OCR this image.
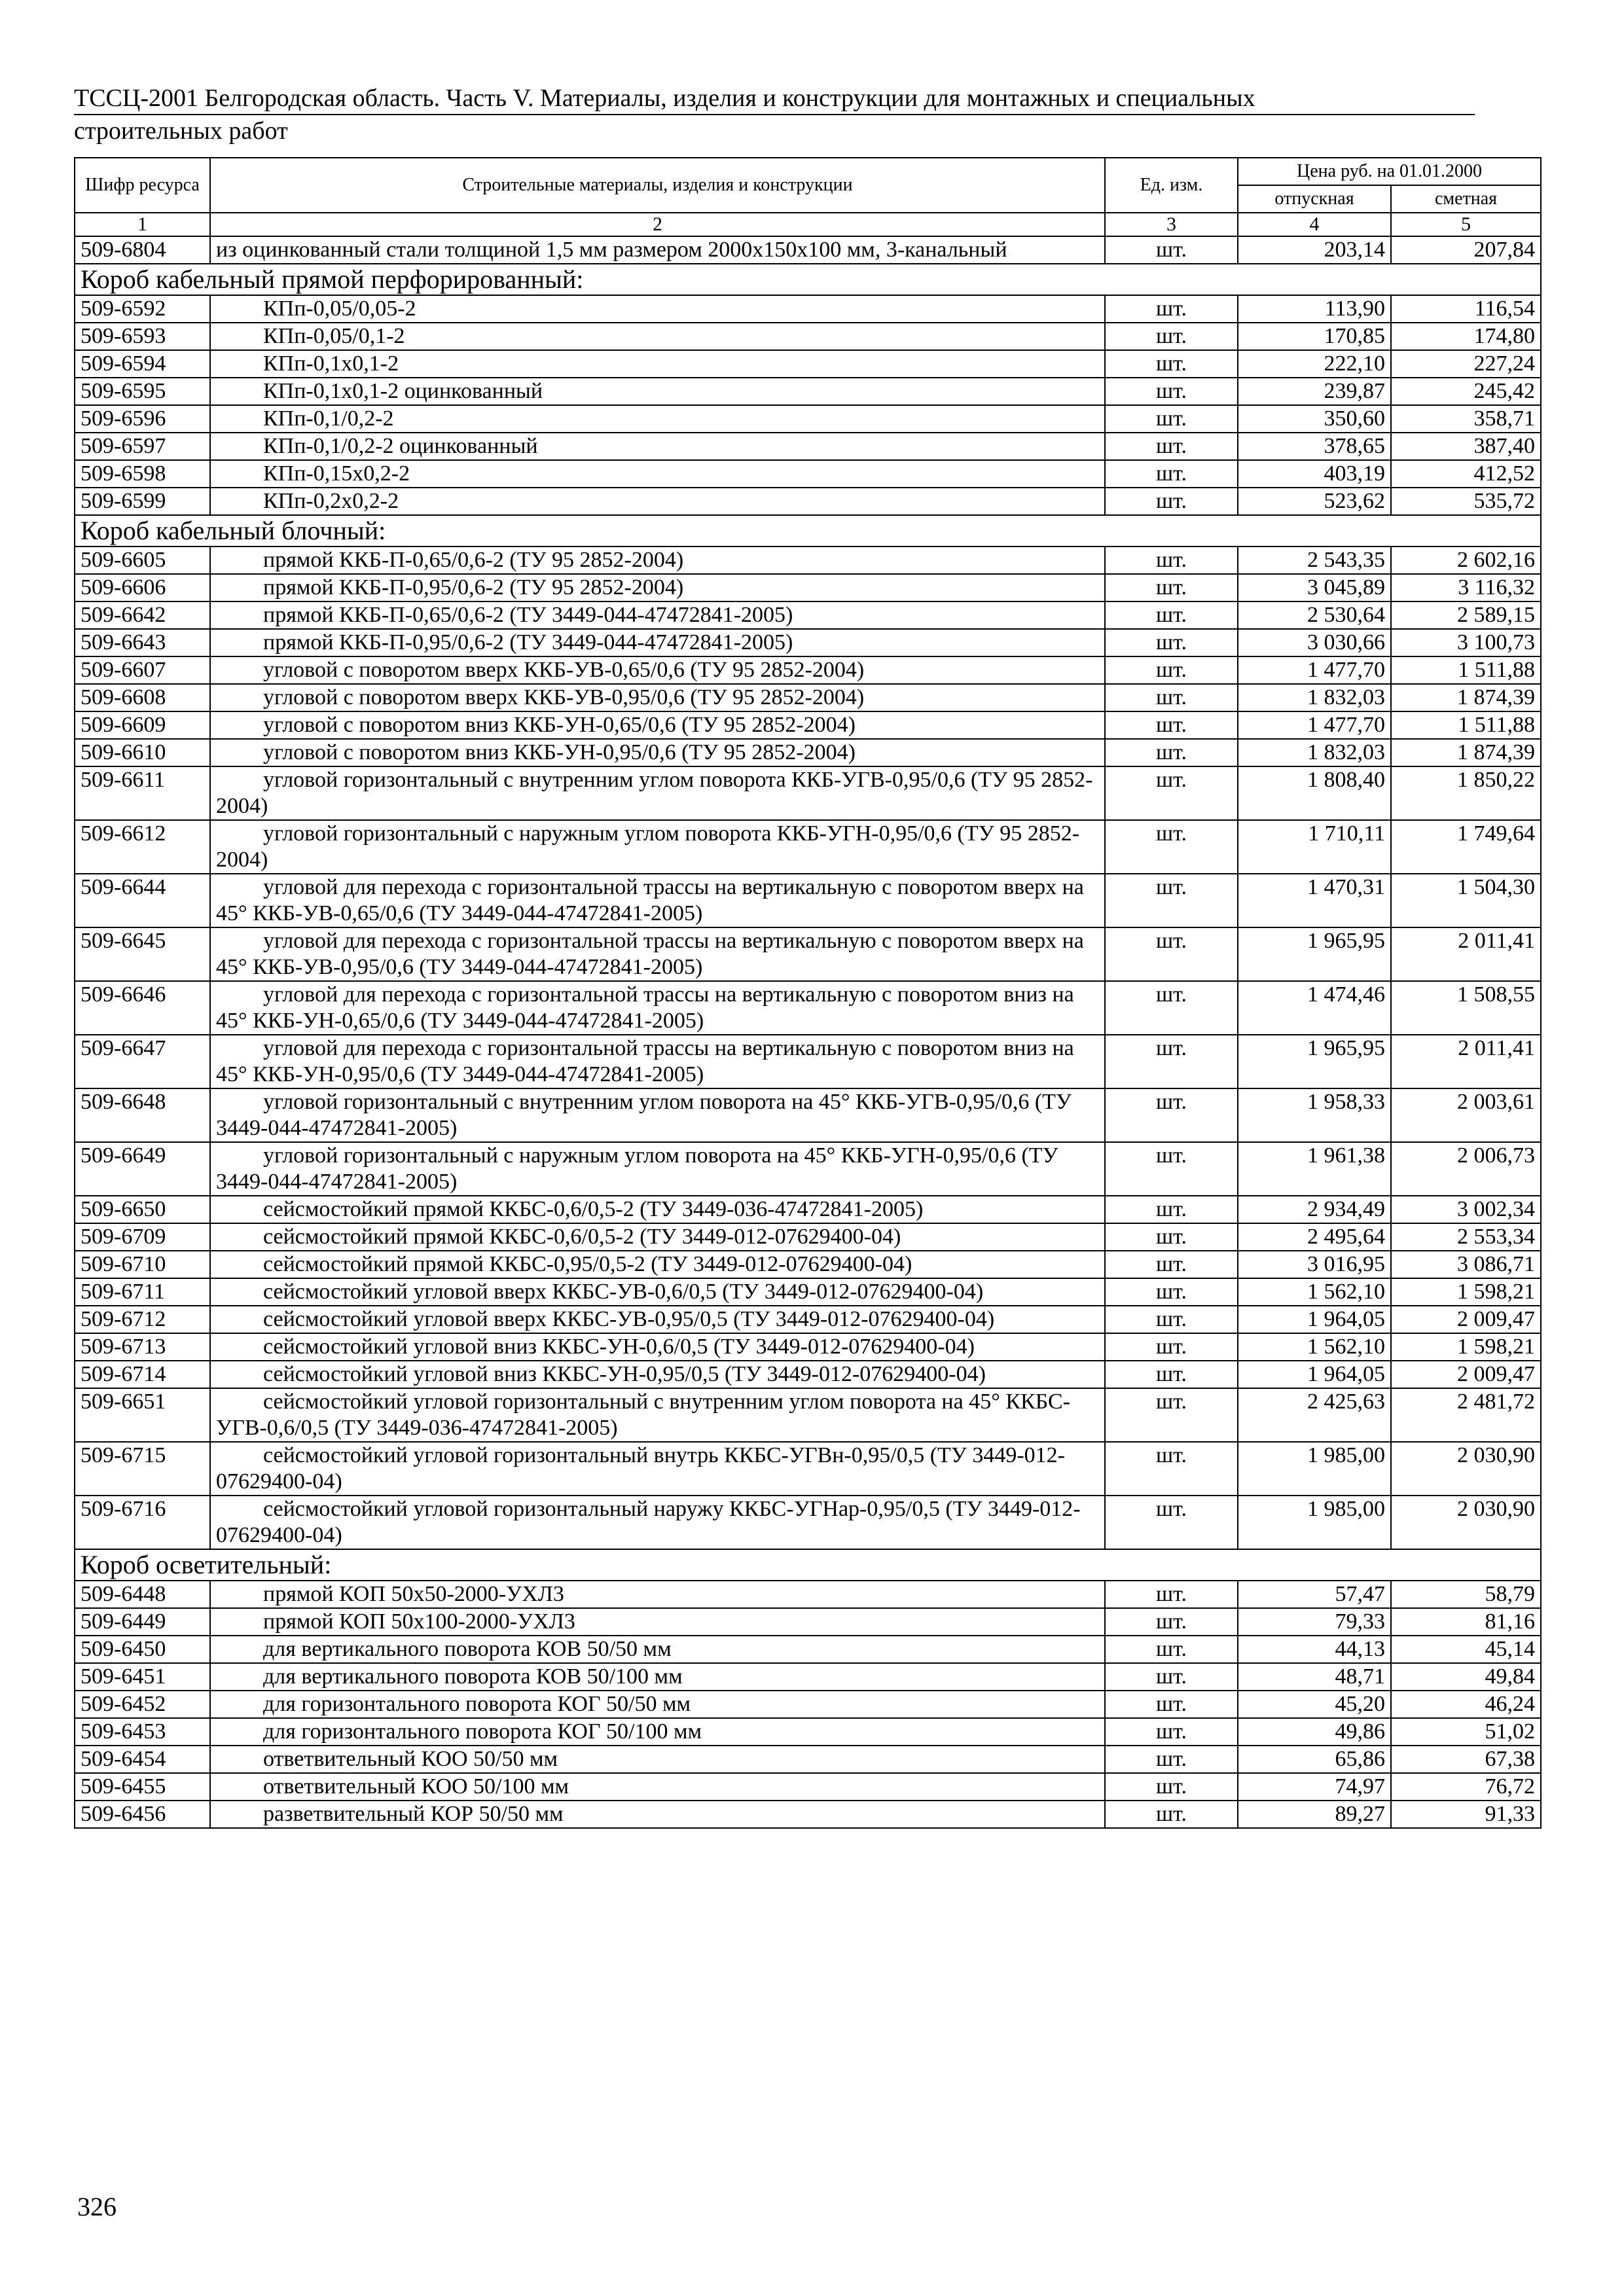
ТССЦ-2001 Белгородская область. Часть V. Материалы, изделия и конструкции для монтажных и специальных
строительных работ
Шифр ресурса	Строительные материалы, изделия и конструкции	Ед. изм.	Цена руб. на 01.01.2000	
			отпускная	сметная
1	2	3	4	5
509-6804	из оцинкованный стали толщиной 1,5 мм размером 2000x150x100 мм, 3-канальный	шт.	203,14	207,84
Короб кабельный прямой перфорированный:				
509-6592	КПп-0,05/0,05-2	шт.	113,90	116,54
509-6593	КПп-0,05/0,1-2	шт.	170,85	174,80
509-6594	КПп-0,1х0,1-2	шт.	222,10	227,24
509-6595	КПп-0,1х0,1-2 оцинкованный	шт.	239,87	245,42
509-6596	КПп-0,1/0,2-2	шт.	350,60	358,71
509-6597	КПп-0,1/0,2-2 оцинкованный	шт.	378,65	387,40
509-6598	КПп-0,15х0,2-2	шт.	403,19	412,52
509-6599	КПп-0,2х0,2-2	шт.	523,62	535,72
Короб кабельный блочный:				
509-6605	прямой ККБ-П-0,65/0,6-2 (ТУ 95 2852-2004)	шт.	2 543,35	2 602,16
509-6606	прямой ККБ-П-0,95/0,6-2 (ТУ 95 2852-2004)	шт.	3 045,89	3 116,32
509-6642	прямой ККБ-П-0,65/0,6-2 (ТУ 3449-044-47472841-2005)	шт.	2 530,64	2 589,15
509-6643	прямой ККБ-П-0,95/0,6-2 (ТУ 3449-044-47472841-2005)	шт.	3 030,66	3 100,73
509-6607	угловой с поворотом вверх ККБ-УВ-0,65/0,6 (ТУ 95 2852-2004)	шт.	1 477,70	1 511,88
509-6608	угловой с поворотом вверх ККБ-УВ-0,95/0,6 (ТУ 95 2852-2004)	шт.	1 832,03	1 874,39
509-6609	угловой с поворотом вниз ККБ-УН-0,65/0,6 (ТУ 95 2852-2004)	шт.	1 477,70	1 511,88
509-6610	угловой с поворотом вниз ККБ-УН-0,95/0,6 (ТУ 95 2852-2004)	шт.	1 832,03	1 874,39
509-6611	угловой горизонтальный с внутренним углом поворота ККБ-УГВ-0,95/0,6 (ТУ 95 2852-2004)	шт.	1 808,40	1 850,22
509-6612	угловой горизонтальный с наружным углом поворота ККБ-УГН-0,95/0,6 (ТУ 95 2852-2004)	шт.	1 710,11	1 749,64
509-6644	угловой для перехода с горизонтальной трассы на вертикальную с поворотом вверх на 45° ККБ-УВ-0,65/0,6 (ТУ 3449-044-47472841-2005)	шт.	1 470,31	1 504,30
509-6645	угловой для перехода с горизонтальной трассы на вертикальную с поворотом вверх на 45° ККБ-УВ-0,95/0,6 (ТУ 3449-044-47472841-2005)	шт.	1 965,95	2 011,41
509-6646	угловой для перехода с горизонтальной трассы на вертикальную с поворотом вниз на 45° ККБ-УН-0,65/0,6 (ТУ 3449-044-47472841-2005)	шт.	1 474,46	1 508,55
509-6647	угловой для перехода с горизонтальной трассы на вертикальную с поворотом вниз на 45° ККБ-УН-0,95/0,6 (ТУ 3449-044-47472841-2005)	шт.	1 965,95	2 011,41
509-6648	угловой горизонтальный с внутренним углом поворота на 45° ККБ-УГВ-0,95/0,6 (ТУ 3449-044-47472841-2005)	шт.	1 958,33	2 003,61
509-6649	угловой горизонтальный с наружным углом поворота на 45° ККБ-УГН-0,95/0,6 (ТУ 3449-044-47472841-2005)	шт.	1 961,38	2 006,73
509-6650	сейсмостойкий прямой ККБС-0,6/0,5-2 (ТУ 3449-036-47472841-2005)	шт.	2 934,49	3 002,34
509-6709	сейсмостойкий прямой ККБС-0,6/0,5-2 (ТУ 3449-012-07629400-04)	шт.	2 495,64	2 553,34
509-6710	сейсмостойкий прямой ККБС-0,95/0,5-2 (ТУ 3449-012-07629400-04)	шт.	3 016,95	3 086,71
509-6711	сейсмостойкий угловой вверх ККБС-УВ-0,6/0,5 (ТУ 3449-012-07629400-04)	шт.	1 562,10	1 598,21
509-6712	сейсмостойкий угловой вверх ККБС-УВ-0,95/0,5 (ТУ 3449-012-07629400-04)	шт.	1 964,05	2 009,47
509-6713	сейсмостойкий угловой вниз ККБС-УН-0,6/0,5 (ТУ 3449-012-07629400-04)	шт.	1 562,10	1 598,21
509-6714	сейсмостойкий угловой вниз ККБС-УН-0,95/0,5 (ТУ 3449-012-07629400-04)	шт.	1 964,05	2 009,47
509-6651	сейсмостойкий угловой горизонтальный с внутренним углом поворота на 45° ККБС-УГВ-0,6/0,5 (ТУ 3449-036-47472841-2005)	шт.	2 425,63	2 481,72
509-6715	сейсмостойкий угловой горизонтальный внутрь ККБС-УГВн-0,95/0,5 (ТУ 3449-012-07629400-04)	шт.	1 985,00	2 030,90
509-6716	сейсмостойкий угловой горизонтальный наружу ККБС-УГНар-0,95/0,5 (ТУ 3449-012-07629400-04)	шт.	1 985,00	2 030,90
Короб осветительный:				
509-6448	прямой КОП 50х50-2000-УХЛ3	шт.	57,47	58,79
509-6449	прямой КОП 50х100-2000-УХЛ3	шт.	79,33	81,16
509-6450	для вертикального поворота КОВ 50/50 мм	шт.	44,13	45,14
509-6451	для вертикального поворота КОВ 50/100 мм	шт.	48,71	49,84
509-6452	для горизонтального поворота КОГ 50/50 мм	шт.	45,20	46,24
509-6453	для горизонтального поворота КОГ 50/100 мм	шт.	49,86	51,02
509-6454	ответвительный КОО 50/50 мм	шт.	65,86	67,38
509-6455	ответвительный КОО 50/100 мм	шт.	74,97	76,72
509-6456	разветвительный КОР 50/50 мм	шт.	89,27	91,33
326
